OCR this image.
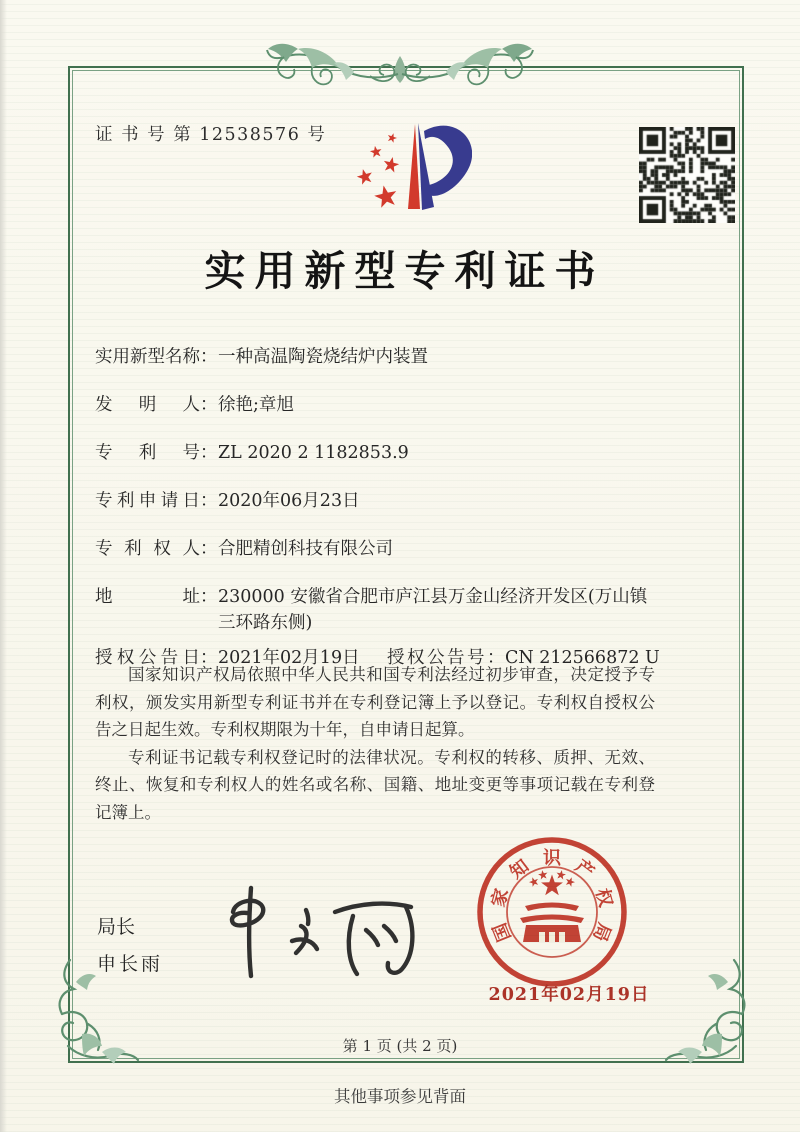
证 书 号 第 12538576 号
实用新型专利证书
实用新型名称 ： 一种高温陶瓷烧结炉内装置
发明人 ： 徐艳;章旭
专利号 ： ZL 2020 2 1182853.9
专利申请日 ： 2020年06月23日
专利权人 ： 合肥精创科技有限公司
地址 ： 230000 安徽省合肥市庐江县万金山经济开发区(万山镇三环路东侧)
授权公告日 ： 2021年02月19日 授权公告号 ： CN 212566872 U

国家知识产权局依照中华人民共和国专利法经过初步审查，决定授予专利权，颁发实用新型专利证书并在专利登记簿上予以登记。专利权自授权公告之日起生效。专利权期限为十年，自申请日起算。

专利证书记载专利权登记时的法律状况。专利权的转移、质押、无效、终止、恢复和专利权人的姓名或名称、国籍、地址变更等事项记载在专利登记簿上。

局长
申长雨
国
家
知 识 产
权
局
2021年02月19日
第 1 页 (共 2 页)
其他事项参见背面
